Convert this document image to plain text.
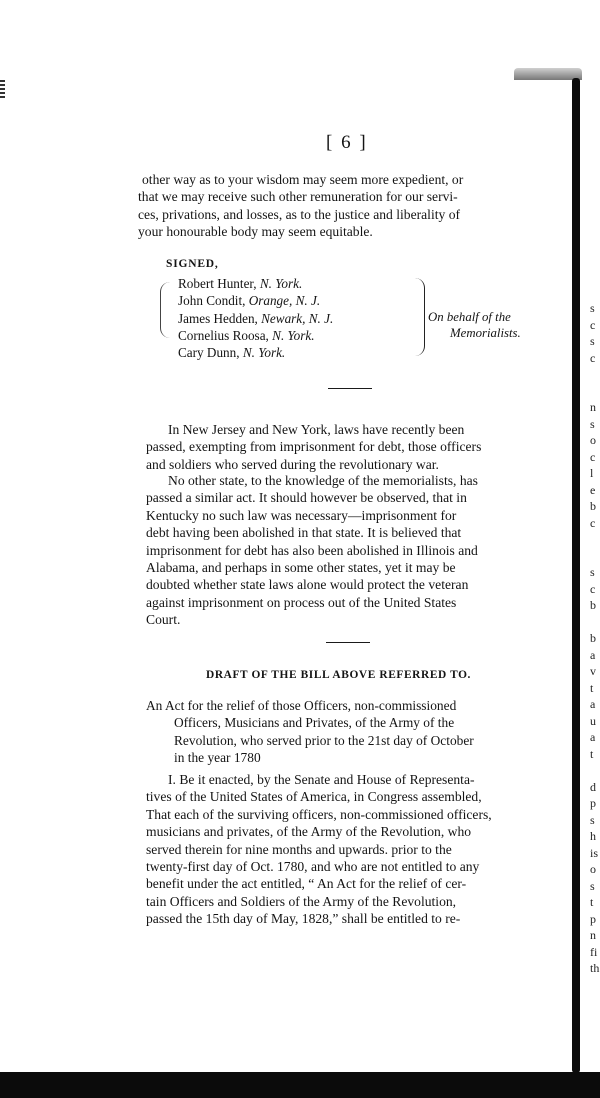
s
c
s
c
n
s
o
c
l
e
b
c
s
c
b
b
a
v
t
a
u
a
t
d
p
s
h
is
o
s
t
p
n
fi
th
[ 6 ]
other way as to your wisdom may seem more expedient, or
that we may receive such other remuneration for our servi-
ces, privations, and losses, as to the justice and liberality of
your honourable body may seem equitable.
SIGNED,
Robert Hunter, N. York.
John Condit, Orange, N. J.
James Hedden, Newark, N. J.
Cornelius Roosa, N. York.
Cary Dunn, N. York.
On behalf of the
Memorialists.
In New Jersey and New York, laws have recently been
passed, exempting from imprisonment for debt, those officers
and soldiers who served during the revolutionary war.
No other state, to the knowledge of the memorialists, has
passed a similar act. It should however be observed, that in
Kentucky no such law was necessary—imprisonment for
debt having been abolished in that state. It is believed that
imprisonment for debt has also been abolished in Illinois and
Alabama, and perhaps in some other states, yet it may be
doubted whether state laws alone would protect the veteran
against imprisonment on process out of the United States
Court.
DRAFT OF THE BILL ABOVE REFERRED TO.
An Act for the relief of those Officers, non-commissioned
Officers, Musicians and Privates, of the Army of the
Revolution, who served prior to the 21st day of October
in the year 1780
I. Be it enacted, by the Senate and House of Representa-
tives of the United States of America, in Congress assembled,
That each of the surviving officers, non-commissioned officers,
musicians and privates, of the Army of the Revolution, who
served therein for nine months and upwards. prior to the
twenty-first day of Oct. 1780, and who are not entitled to any
benefit under the act entitled, “ An Act for the relief of cer-
tain Officers and Soldiers of the Army of the Revolution,
passed the 15th day of May, 1828,” shall be entitled to re-
